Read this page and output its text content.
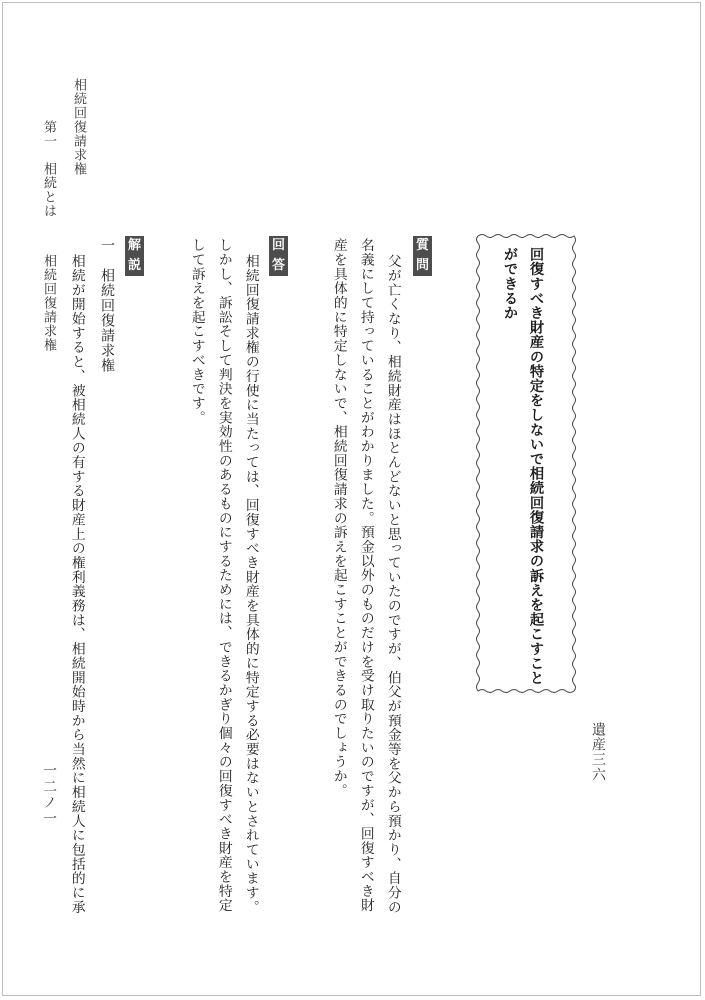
遺産三六
回復すべき財産の特定をしないで相続回復請求の訴えを起こすこと
ができるか
質
問
父が亡くなり、相続財産はほとんどないと思っていたのですが、伯父が預金等を父から預かり、自分の
名義にして持っていることがわかりました。預金以外のものだけを受け取りたいのですが、回復すべき財
産を具体的に特定しないで、相続回復請求の訴えを起こすことができるのでしょうか。
回
答
相続回復請求権の行使に当たっては、回復すべき財産を具体的に特定する必要はないとされています。
しかし、訴訟そして判決を実効性のあるものにするためには、できるかぎり個々の回復すべき財産を特定
して訴えを起こすべきです。
解
説
一　相続回復請求権
相続が開始すると、被相続人の有する財産上の権利義務は、相続開始時から当然に相続人に包括的に承
相続回復請求権
第一　相続とは
相続回復請求権
一二ノ一
